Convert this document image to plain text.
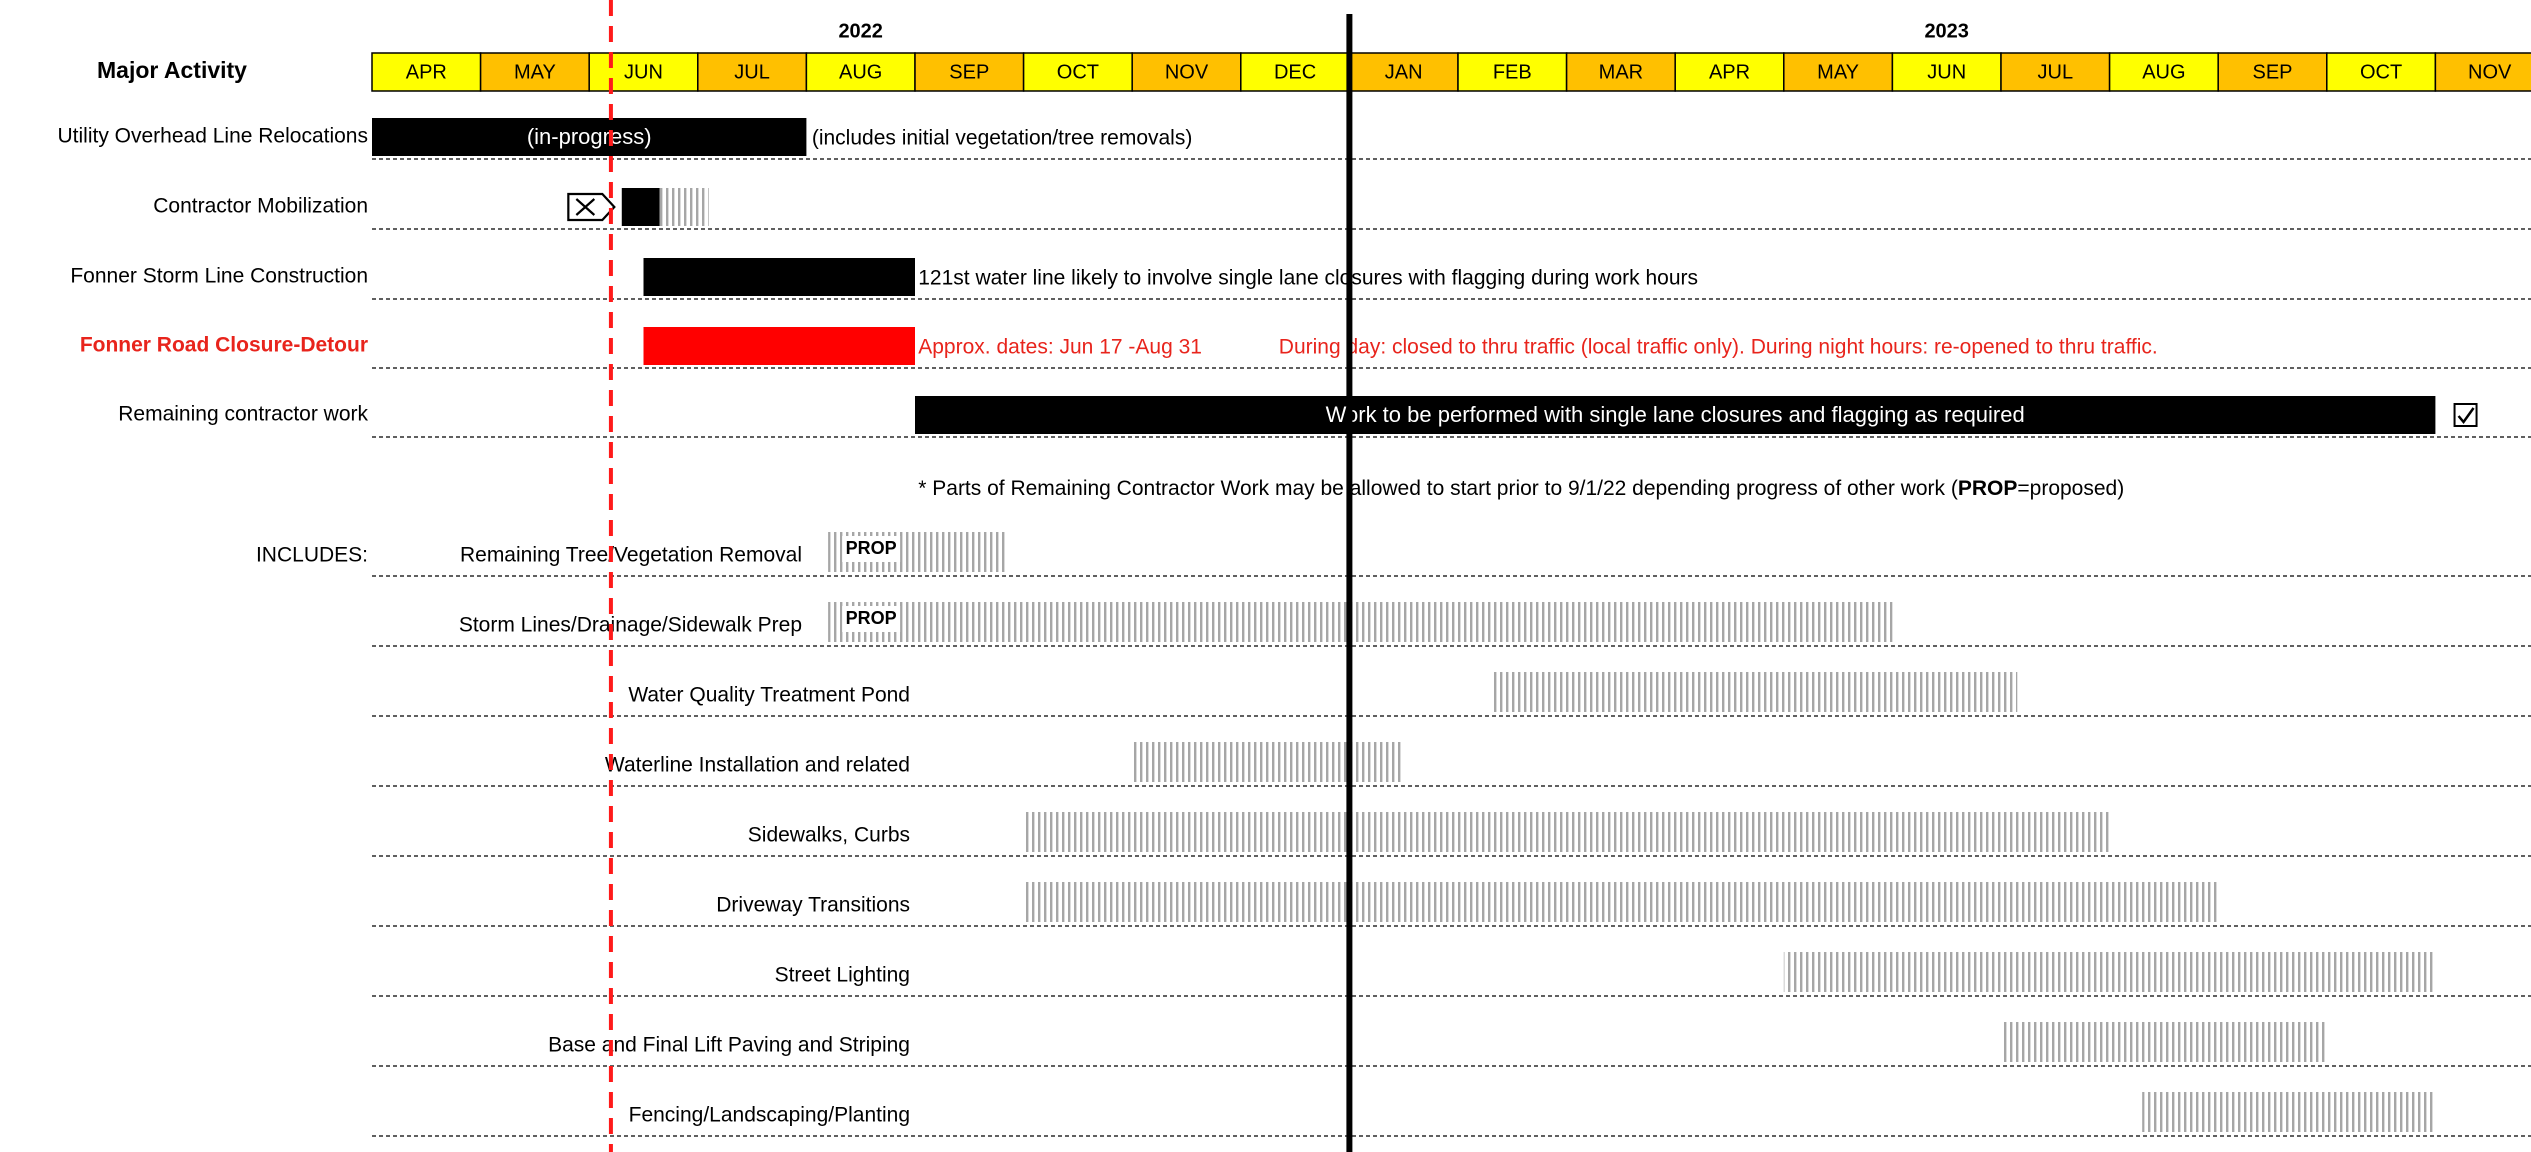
Major Activity
2022	2023
APR	MAY	JUN	JUL	AUG	SEP	OCT	NOV	DEC	JAN	FEB	MAR	APR	MAY	JUN	JUL	AUG	SEP	OCT	NOV
Utility Overhead Line Relocations	(in-progress)	(includes initial vegetation/tree removals)
Contractor Mobilization
Fonner Storm Line Construction	121st water line likely to involve single lane closures with flagging during work hours
Fonner Road Closure-Detour	Approx. dates: Jun 17 -Aug 31	During day: closed to thru traffic (local traffic only). During night hours: re-opened to thru traffic.
Remaining contractor work	Work to be performed with single lane closures and flagging as required
* Parts of Remaining Contractor Work may be allowed to start prior to 9/1/22 depending progress of other work (PROP=proposed)
INCLUDES:	Remaining Tree/Vegetation Removal PROP
Storm Lines/Drainage/Sidewalk Prep PROP
Water Quality Treatment Pond
Waterline Installation and related
Sidewalks, Curbs
Driveway Transitions
Street Lighting
Base and Final Lift Paving and Striping
Fencing/Landscaping/Planting
